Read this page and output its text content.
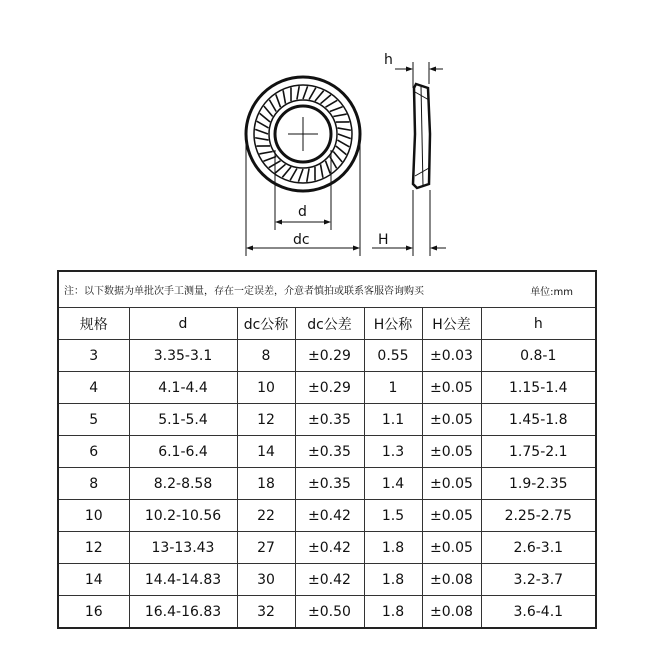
h
d
dc	H
注：以下数据为单批次手工测量，存在一定误差，介意者慎拍或联系客服咨询购买 单位:mm						

规格	d	dc公称	dc公差	H公称	H公差	h
3	3.35-3.1	8	±0.29	0.55	±0.03	0.8-1
4	4.1-4.4	10	±0.29	1	±0.05	1.15-1.4
5	5.1-5.4	12	±0.35	1.1	±0.05	1.45-1.8
6	6.1-6.4	14	±0.35	1.3	±0.05	1.75-2.1
8	8.2-8.58	18	±0.35	1.4	±0.05	1.9-2.35
10	10.2-10.56	22	±0.42	1.5	±0.05	2.25-2.75
12	13-13.43	27	±0.42	1.8	±0.05	2.6-3.1
14	14.4-14.83	30	±0.42	1.8	±0.08	3.2-3.7
16	16.4-16.83	32	±0.50	1.8	±0.08	3.6-4.1
